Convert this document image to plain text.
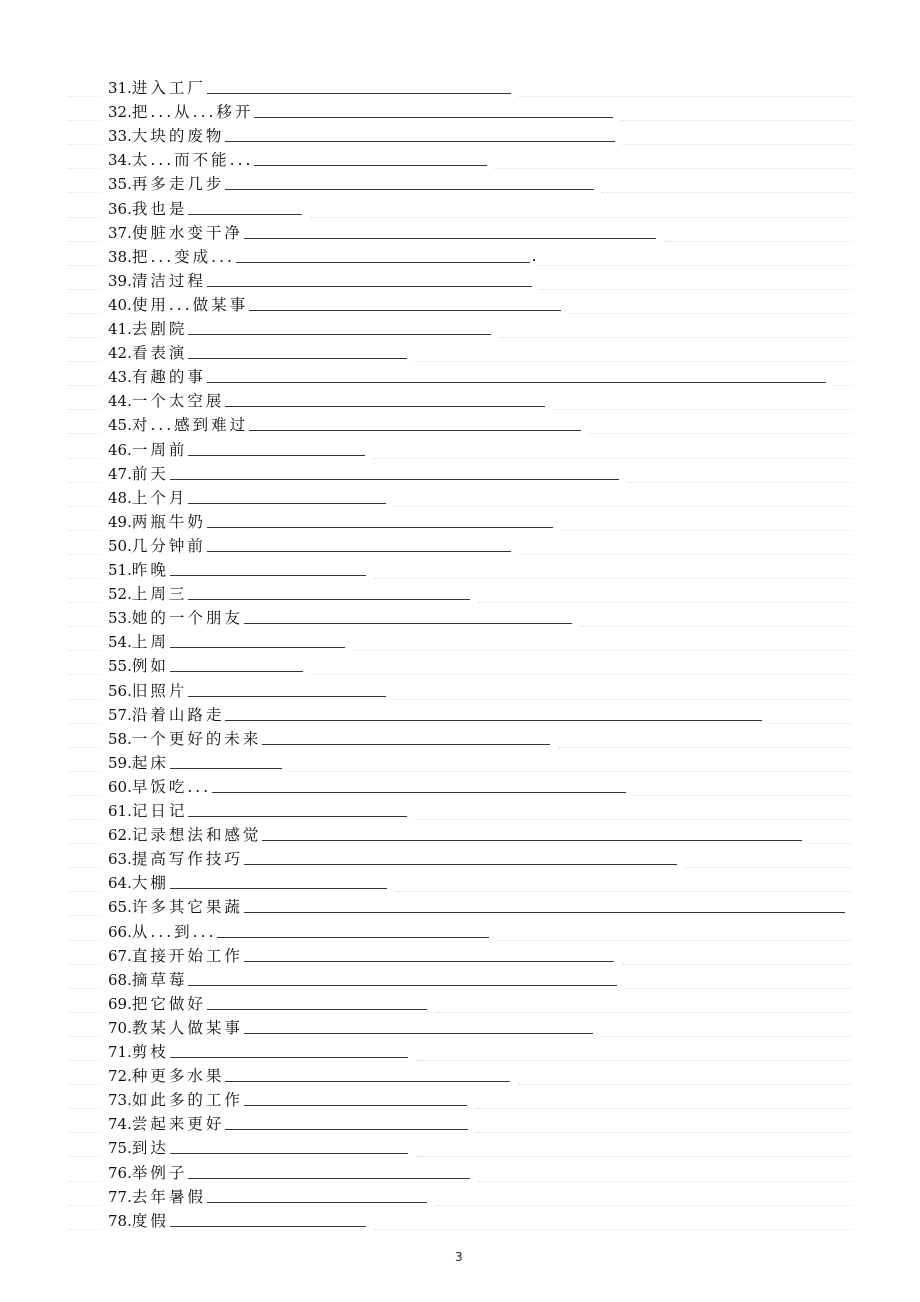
31. 进入工厂
32. 把...从...移开
33. 大块的废物
34. 太...而不能...
35. 再多走几步
36. 我也是
37. 使脏水变干净
38. 把...变成...
39. 清洁过程
40. 使用...做某事
41. 去剧院
42. 看表演
43. 有趣的事
44. 一个太空展
45. 对...感到难过
46. 一周前
47. 前天
48. 上个月
49. 两瓶牛奶
50. 几分钟前
51. 昨晚
52. 上周三
53. 她的一个朋友
54. 上周
55. 例如
56. 旧照片
57. 沿着山路走
58. 一个更好的未来
59. 起床
60. 早饭吃...
61. 记日记
62. 记录想法和感觉
63. 提高写作技巧
64. 大棚
65. 许多其它果蔬
66. 从...到...
67. 直接开始工作
68. 摘草莓
69. 把它做好
70. 教某人做某事
71. 剪枝
72. 种更多水果
73. 如此多的工作
74. 尝起来更好
75. 到达
76. 举例子
77. 去年暑假
78. 度假
3
